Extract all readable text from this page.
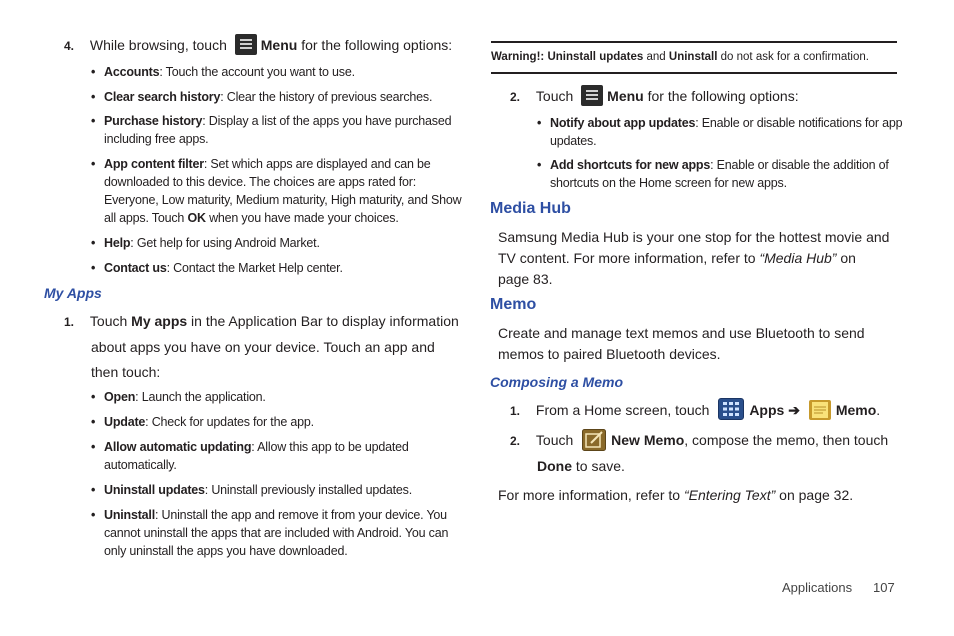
4. While browsing, touch Menu for the following options:
• Accounts: Touch the account you want to use.
• Clear search history: Clear the history of previous searches.
• Purchase history: Display a list of the apps you have purchased
including free apps.
• App content filter: Set which apps are displayed and can be
downloaded to this device. The choices are apps rated for:
Everyone, Low maturity, Medium maturity, High maturity, and Show
all apps. Touch OK when you have made your choices.
• Help: Get help for using Android Market.
• Contact us: Contact the Market Help center.
My Apps
1. Touch My apps in the Application Bar to display information
about apps you have on your device. Touch an app and
then touch:
• Open: Launch the application.
• Update: Check for updates for the app.
• Allow automatic updating: Allow this app to be updated
automatically.
• Uninstall updates: Uninstall previously installed updates.
• Uninstall: Uninstall the app and remove it from your device. You
cannot uninstall the apps that are included with Android. You can
only uninstall the apps you have downloaded.
Warning!: Uninstall updates and Uninstall do not ask for a confirmation.
2. Touch Menu for the following options:
• Notify about app updates: Enable or disable notifications for app
updates.
• Add shortcuts for new apps: Enable or disable the addition of
shortcuts on the Home screen for new apps.
Media Hub
Samsung Media Hub is your one stop for the hottest movie and
TV content. For more information, refer to “Media Hub” on
page 83.
Memo
Create and manage text memos and use Bluetooth to send
memos to paired Bluetooth devices.
Composing a Memo
1. From a Home screen, touch	Apps ➔	Memo.
2. Touch	New Memo, compose the memo, then touch
Done to save.
For more information, refer to “Entering Text” on page 32.
Applications 107
